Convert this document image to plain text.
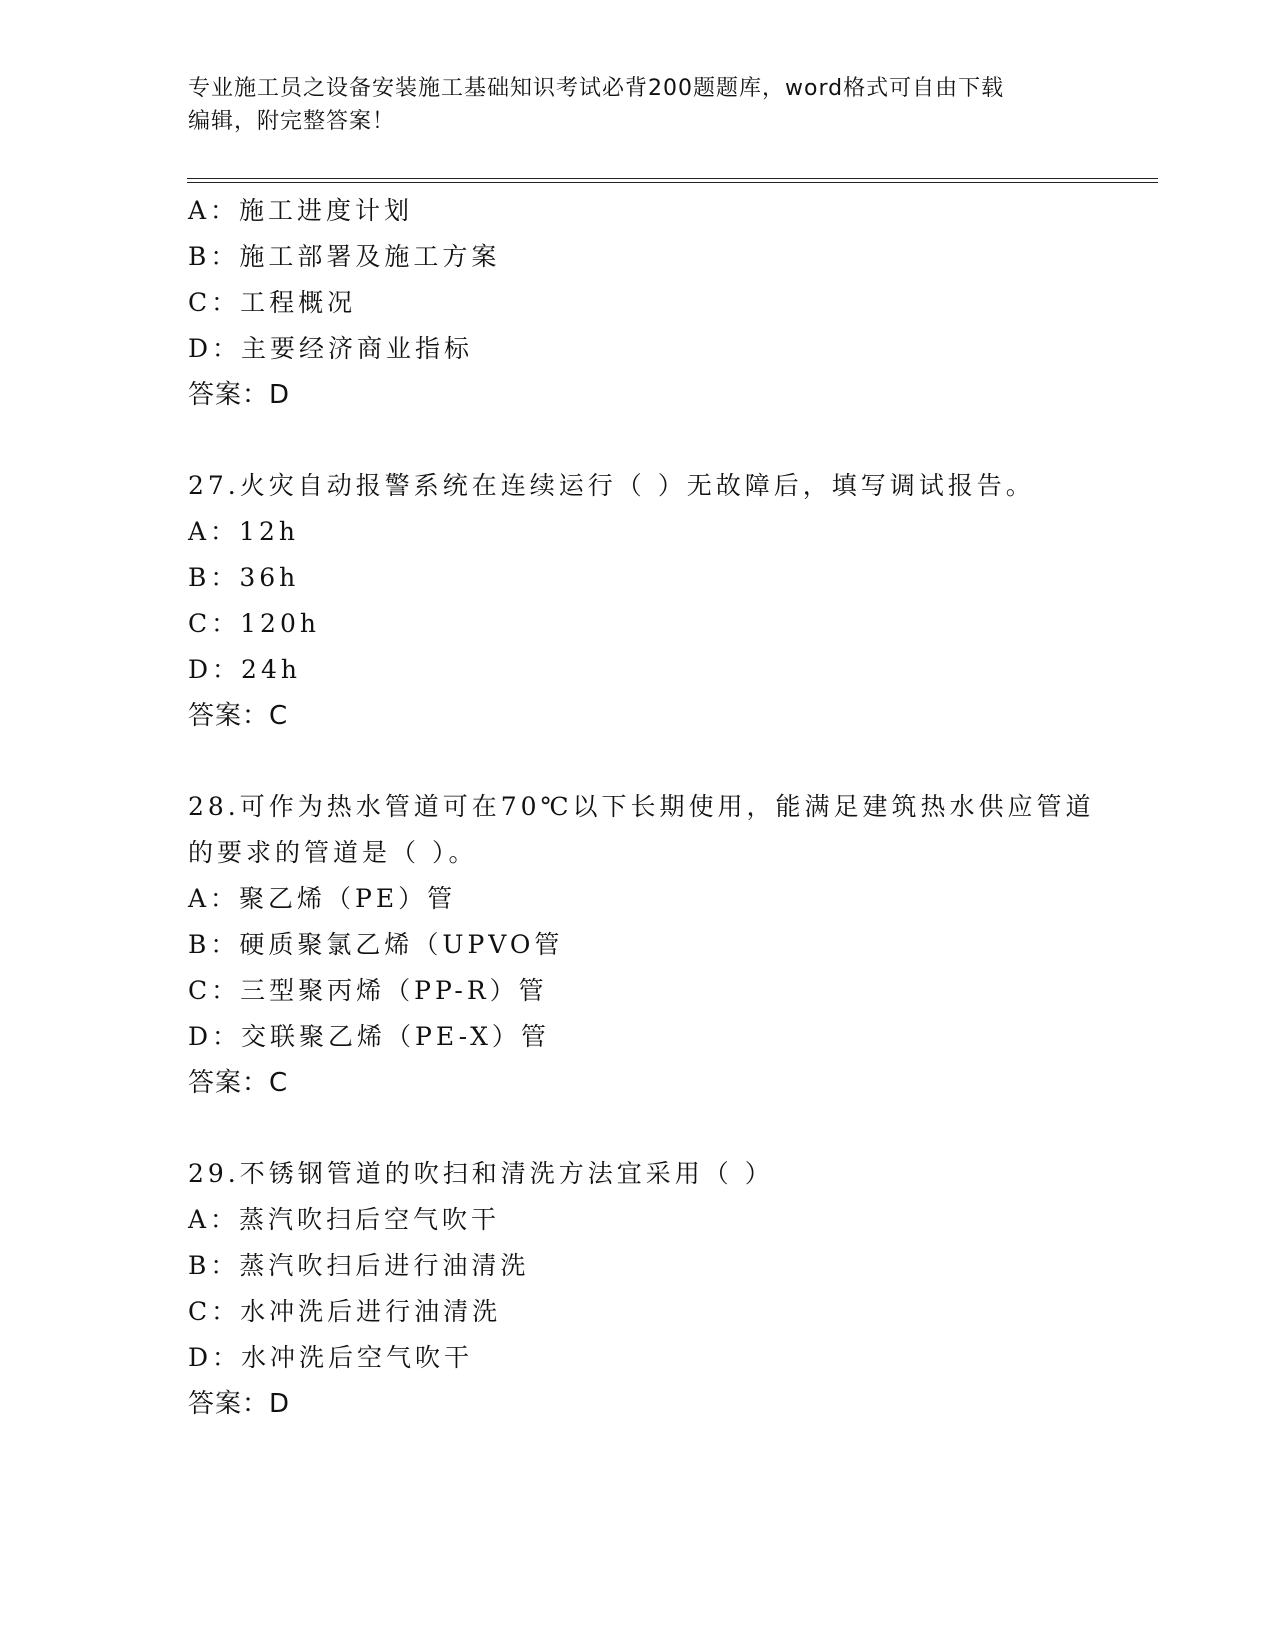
专业施工员之设备安装施工基础知识考试必背200题题库，word格式可自由下载
编辑，附完整答案！
A：施工进度计划
B：施工部署及施工方案
C：工程概况
D：主要经济商业指标
答案：D
27.火灾自动报警系统在连续运行（ ）无故障后，填写调试报告。
A：12h
B：36h
C：120h
D：24h
答案：C
28.可作为热水管道可在70℃以下长期使用，能满足建筑热水供应管道
的要求的管道是（ ）。
A：聚乙烯（PE）管
B：硬质聚氯乙烯（UPVO管
C：三型聚丙烯（PP-R）管
D：交联聚乙烯（PE-X）管
答案：C
29.不锈钢管道的吹扫和清洗方法宜采用（ ）
A：蒸汽吹扫后空气吹干
B：蒸汽吹扫后进行油清洗
C：水冲洗后进行油清洗
D：水冲洗后空气吹干
答案：D
